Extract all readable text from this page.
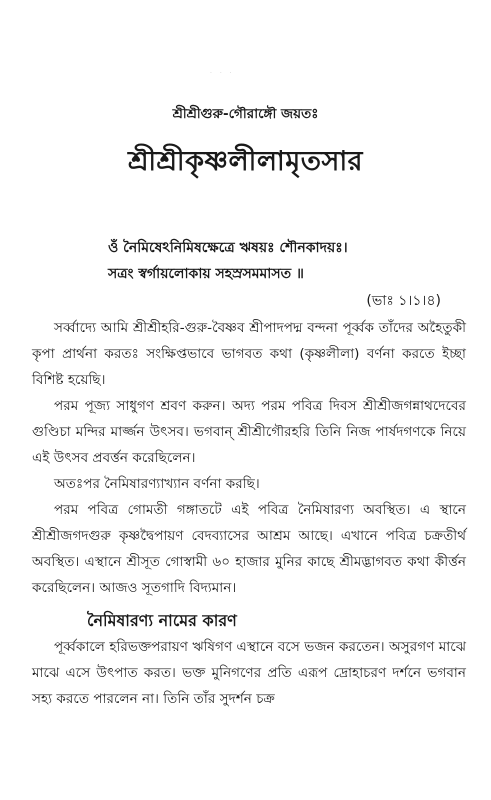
· · ·
শ্রীশ্রীগুরু-গৌরাঙ্গৌ জয়তঃ
শ্রীশ্রীকৃষ্ণলীলামৃতসার
ওঁ নৈমিষেঽনিমিষক্ষেত্রে ঋষয়ঃ শৌনকাদয়ঃ।
সত্রং স্বর্গায়লোকায় সহস্রসমমাসত ॥
(ভাঃ ১।১।৪)

সর্ব্বাদ্যে আমি শ্রীশ্রীহরি-গুরু-বৈষ্ণব শ্রীপাদপদ্ম বন্দনা পূর্ব্বক তাঁদের অহৈতুকী কৃপা প্রার্থনা করতঃ সংক্ষিপ্তভাবে ভাগবত কথা (কৃষ্ণলীলা) বর্ণনা করতে ইচ্ছা বিশিষ্ট হয়েছি।

পরম পূজ্য সাধুগণ শ্রবণ করুন। অদ্য পরম পবিত্র দিবস শ্রীশ্রীজগন্নাথদেবের গুণ্ডিচা মন্দির মার্জ্জন উৎসব। ভগবান্ শ্রীশ্রীগৌরহরি তিনি নিজ পার্ষদগণকে নিয়ে এই উৎসব প্রবর্ত্তন করেছিলেন।

অতঃপর নৈমিষারণ্যাখ্যান বর্ণনা করছি।

পরম পবিত্র গোমতী গঙ্গাতটে এই পবিত্র নৈমিষারণ্য অবস্থিত। এ স্থানে শ্রীশ্রীজগদগুরু কৃষ্ণদ্বৈপায়ণ বেদব্যাসের আশ্রম আছে। এখানে পবিত্র চক্রতীর্থ অবস্থিত। এস্থানে শ্রীসূত গোস্বামী ৬০ হাজার মুনির কাছে শ্রীমদ্ভাগবত কথা কীর্ত্তন করেছিলেন। আজও সূতগাদি বিদ্যমান।

নৈমিষারণ্য নামের কারণ

পূর্ব্বকালে হরিভক্তপরায়ণ ঋষিগণ এস্থানে বসে ভজন করতেন। অসুরগণ মাঝে মাঝে এসে উৎপাত করত। ভক্ত মুনিগণের প্রতি এরূপ দ্রোহাচরণ দর্শনে ভগবান সহ্য করতে পারলেন না। তিনি তাঁর সুদর্শন চক্র
